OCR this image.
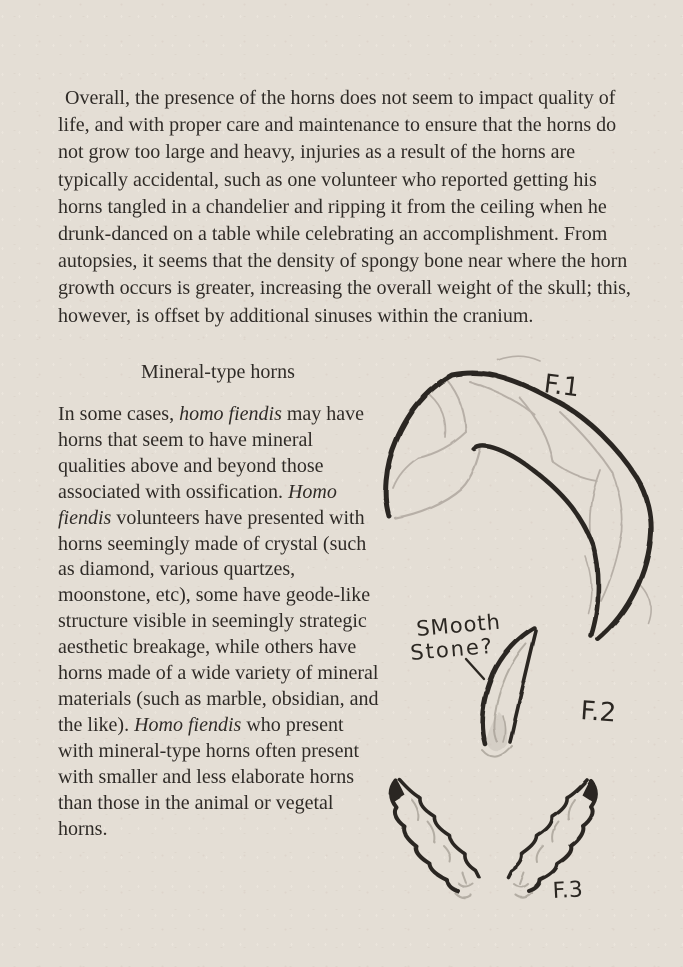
Overall, the presence of the horns does not seem to impact quality of life, and with proper care and maintenance to ensure that the horns do not grow too large and heavy, injuries as a result of the horns are typically accidental, such as one volunteer who reported getting his horns tangled in a chandelier and ripping it from the ceiling when he drunk-danced on a table while celebrating an accomplishment. From autopsies, it seems that the density of spongy bone near where the horn growth occurs is greater, increasing the overall weight of the skull; this, however, is offset by additional sinuses within the cranium.

Mineral-type horns

In some cases, homo fiendis may have horns that seem to have mineral qualities above and beyond those associated with ossification. Homo fiendis volunteers have presented with horns seemingly made of crystal (such as diamond, various quartzes, moonstone, etc), some have geode-like structure visible in seemingly strategic aesthetic breakage, while others have horns made of a wide variety of mineral materials (such as marble, obsidian, and the like). Homo fiendis who present with mineral-type horns often present with smaller and less elaborate horns than those in the animal or vegetal horns.

F.1
F.2
SMooth
Stone?
F.3
